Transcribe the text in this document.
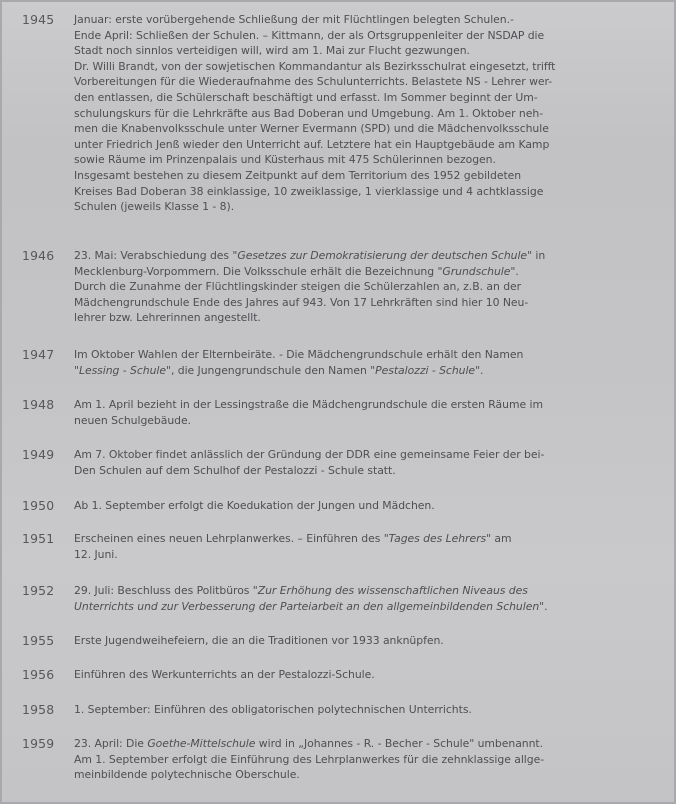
1945	Januar: erste vorübergehende Schließung der mit Flüchtlingen belegten Schulen.-
Ende April: Schließen der Schulen. – Kittmann, der als Ortsgruppenleiter der NSDAP die
Stadt noch sinnlos verteidigen will, wird am 1. Mai zur Flucht gezwungen.
Dr. Willi Brandt, von der sowjetischen Kommandantur als Bezirksschulrat eingesetzt, trifft
Vorbereitungen für die Wiederaufnahme des Schulunterrichts. Belastete NS - Lehrer wer-
den entlassen, die Schülerschaft beschäftigt und erfasst. Im Sommer beginnt der Um-
schulungskurs für die Lehrkräfte aus Bad Doberan und Umgebung. Am 1. Oktober neh-
men die Knabenvolksschule unter Werner Evermann (SPD) und die Mädchenvolksschule
unter Friedrich Jenß wieder den Unterricht auf. Letztere hat ein Hauptgebäude am Kamp
sowie Räume im Prinzenpalais und Küsterhaus mit 475 Schülerinnen bezogen.
Insgesamt bestehen zu diesem Zeitpunkt auf dem Territorium des 1952 gebildeten
Kreises Bad Doberan 38 einklassige, 10 zweiklassige, 1 vierklassige und 4 achtklassige
Schulen (jeweils Klasse 1 - 8).
1946	23. Mai: Verabschiedung des "Gesetzes zur Demokratisierung der deutschen Schule" in
Mecklenburg-Vorpommern. Die Volksschule erhält die Bezeichnung "Grundschule".
Durch die Zunahme der Flüchtlingskinder steigen die Schülerzahlen an, z.B. an der
Mädchengrundschule Ende des Jahres auf 943. Von 17 Lehrkräften sind hier 10 Neu-
lehrer bzw. Lehrerinnen angestellt.
1947	Im Oktober Wahlen der Elternbeiräte. - Die Mädchengrundschule erhält den Namen
"Lessing - Schule", die Jungengrundschule den Namen "Pestalozzi - Schule".
1948	Am 1. April bezieht in der Lessingstraße die Mädchengrundschule die ersten Räume im
neuen Schulgebäude.
1949	Am 7. Oktober findet anlässlich der Gründung der DDR eine gemeinsame Feier der bei-
Den Schulen auf dem Schulhof der Pestalozzi - Schule statt.
1950	Ab 1. September erfolgt die Koedukation der Jungen und Mädchen.
1951	Erscheinen eines neuen Lehrplanwerkes. – Einführen des "Tages des Lehrers" am
12. Juni.
1952	29. Juli: Beschluss des Politbüros "Zur Erhöhung des wissenschaftlichen Niveaus des
Unterrichts und zur Verbesserung der Parteiarbeit an den allgemeinbildenden Schulen".
1955	Erste Jugendweihefeiern, die an die Traditionen vor 1933 anknüpfen.
1956	Einführen des Werkunterrichts an der Pestalozzi-Schule.
1958	1. September: Einführen des obligatorischen polytechnischen Unterrichts.
1959	23. April: Die Goethe-Mittelschule wird in „Johannes - R. - Becher - Schule" umbenannt.
Am 1. September erfolgt die Einführung des Lehrplanwerkes für die zehnklassige allge-
meinbildende polytechnische Oberschule.
